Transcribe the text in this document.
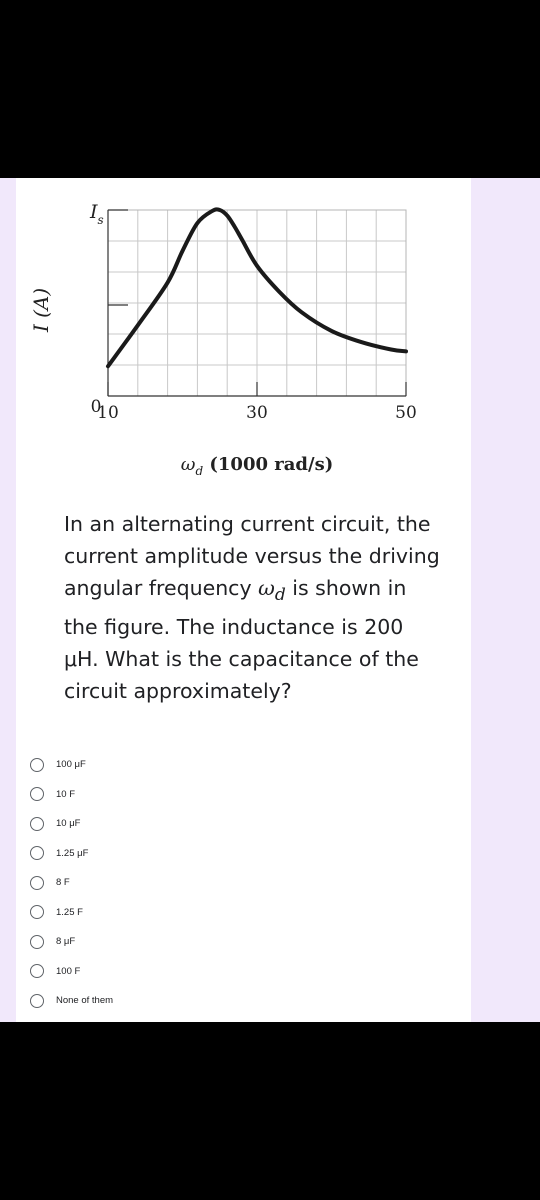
I (A)
$I_s$
0
10	30	50
$\omega_d$ (1000 rad/s)
In an alternating current circuit, the current amplitude versus the driving angular frequency $\omega_d$ is shown in the figure. The inductance is 200 μH. What is the capacitance of the circuit approximately?
100 μF
10 F
10 μF
1.25 μF
8 F
1.25 F
8 μF
100 F
None of them
